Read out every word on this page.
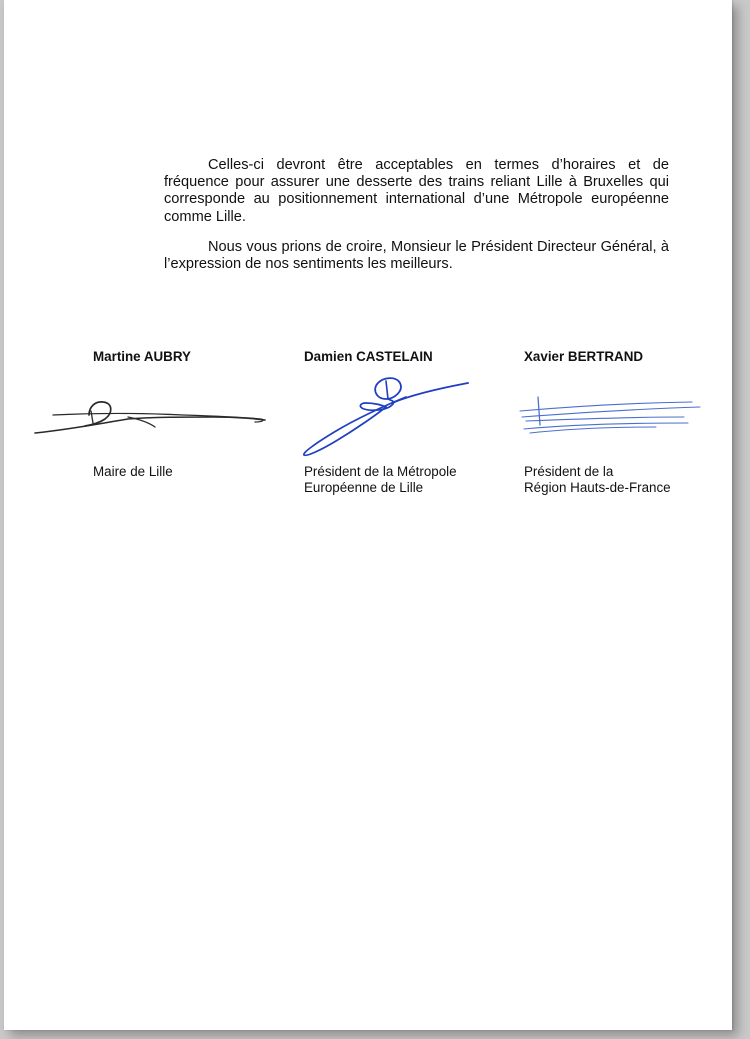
Celles-ci devront être acceptables en termes d’horaires et de fréquence pour assurer une desserte des trains reliant Lille à Bruxelles qui corresponde au positionnement international d’une Métropole européenne comme Lille.

Nous vous prions de croire, Monsieur le Président Directeur Général, à l’expression de nos sentiments les meilleurs.

Martine AUBRY
Maire de Lille
Damien CASTELAIN
Président de la Métropole
Européenne de Lille
Xavier BERTRAND
Président de la
Région Hauts-de-France
